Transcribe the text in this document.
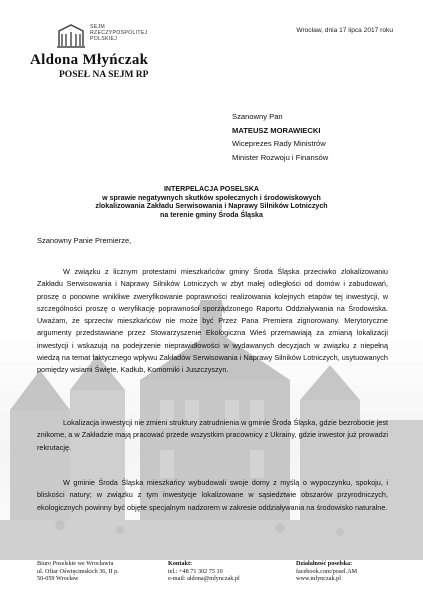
SEJM
RZECZYPOSPOLITEJ
POLSKIEJ
Aldona Młyńczak
POSEŁ NA SEJM RP
Wrocław, dnia 17 lipca 2017 roku
Szanowny Pan
MATEUSZ MORAWIECKI
Wiceprezes Rady Ministrów
Minister Rozwoju i Finansów
INTERPELACJA POSELSKA
w sprawie negatywnych skutków społecznych i środowiskowych
zlokalizowania Zakładu Serwisowania i Naprawy Silników Lotniczych
na terenie gminy Środa Śląska
Szanowny Panie Premierze,

W związku z licznym protestami mieszkańców gminy Środa Śląska przeciwko zlokalizowaniu Zakładu Serwisowania i Naprawy Silników Lotniczych w zbyt małej odległości od domów i zabudowań, proszę o ponowne wnikliwe zweryfikowanie poprawności realizowania kolejnych etapów tej inwestycji, w szczególności proszę o weryfikację poprawności sporządzonego Raportu Oddziaływania na Środowiska. Uważam, że sprzeciw mieszkańców nie może być Przez Pana Premiera zignorowany. Merytoryczne argumenty przedstawiane przez Stowarzyszenie Ekologiczna Wieś przemawiają za zmianą lokalizacji inwestycji i wskazują na podejrzenie nieprawidłowości w wydawanych decyzjach w związku z niepełną wiedzą na temat faktycznego wpływu Zakładów Serwisowania i Naprawy Silników Lotniczych, usytuowanych pomiędzy wsiami Święte, Kadłub, Komorniki i Juszczyszyn.

Lokalizacja inwestycji nie zmieni struktury zatrudnienia w gminie Środa Śląska, gdzie bezrobocie jest znikome, a w Zakładzie mają pracować przede wszystkim pracownicy z Ukrainy, gdzie inwestor już prowadzi rekrutację.

W gminie Środa Śląska mieszkańcy wybudowali swoje domy z myślą o wypoczynku, spokoju, i bliskości natury; w związku z tym inwestycje lokalizowane w sąsiedztwie obszarów przyrodniczych, ekologicznych powinny być objęte specjalnym nadzorem w zakresie oddziaływania na środowisko naturalne.

Biuro Poselskie we Wrocławiu
ul. Ofiar Oświęcimskich 36, II p.
50-059 Wrocław
Kontakt:
tel.: +48 71 302 75 10
e-mail: aldona@mlynczak.pl
Działalność poselska:
facebook.com/posel.AM
www.mlynczak.pl
